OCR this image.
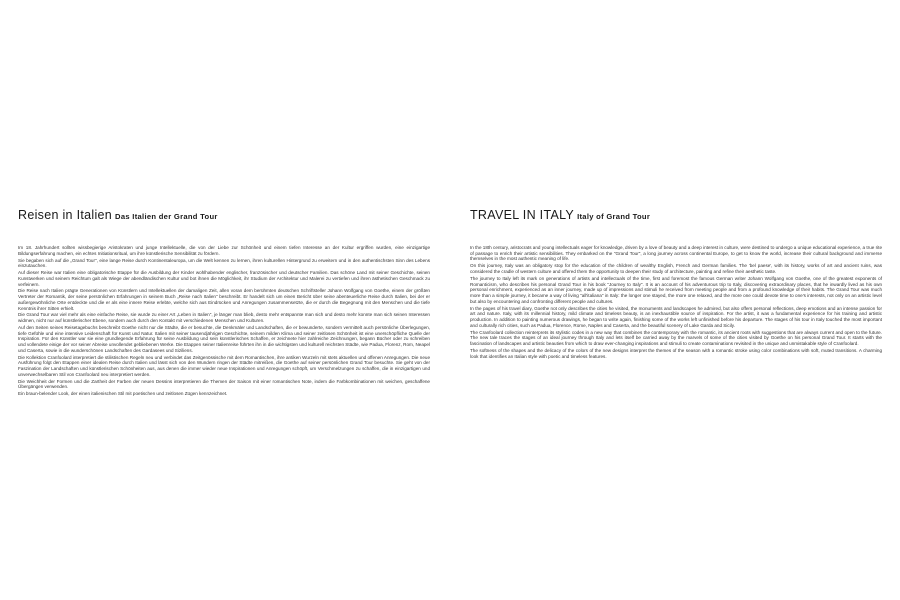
Reisen in Italien Das Italien der Grand Tour

Im 18. Jahrhundert sollten wissbegierige Aristokraten und junge Intellektuelle, die von der Liebe zur Schönheit und einem tiefen Interesse an der Kultur ergriffen wurden, eine einzigartige Bildungserfahrung machen, ein echtes Initiationsritual, um ihre künstlerische Sensibilität zu fördern.

Sie begaben sich auf die „Grand Tour", eine lange Reise durch Kontinentaleuropa, um die Welt kennen zu lernen, ihren kulturellen Hintergrund zu erweitern und in den authentischsten Sinn des Lebens einzutauchen.

Auf dieser Reise war Italien eine obligatorische Etappe für die Ausbildung der Kinder wohlhabender englischer, französischer und deutscher Familien. Das schöne Land mit seiner Geschichte, seinen Kunstwerken und seinem Reichtum galt als Wiege der abendländischen Kultur und bot ihnen die Möglichkeit, ihr Studium der Architektur und Malerei zu vertiefen und ihren ästhetischen Geschmack zu verfeinern.

Die Reise nach Italien prägte Generationen von Künstlern und Intellektuellen der damaligen Zeit, allen voran dem berühmten deutschen Schriftsteller Johann Wolfgang von Goethe, einem der größten Vertreter der Romantik, der seine persönlichen Erfahrungen in seinem Buch „Reise nach Italien" beschreibt. Er handelt sich um einen Bericht über seine abenteuerliche Reise durch Italien, bei der er außergewöhnliche Orte entdeckte und die er als eine innere Reise erlebte, welche sich aus Eindrücken und Anregungen zusammensetzte, die er durch die Begegnung mit den Menschen und die tiefe Kenntnis ihrer Sitten erhielt.

Die Grand Tour war viel mehr als eine einfache Reise, sie wurde zu einer Art „Leben in Italien", je länger man blieb, desto mehr entspannte man sich und desto mehr konnte man sich seinen Interessen widmen, nicht nur auf künstlerischer Ebene, sondern auch durch den Kontakt mit verschiedenen Menschen und Kulturen.

Auf den Seiten seines Reisetagebuchs beschreibt Goethe nicht nur die Städte, die er besuchte, die Denkmäler und Landschaften, die er bewunderte, sondern vermittelt auch persönliche Überlegungen, tiefe Gefühle und eine intensive Leidenschaft für Kunst und Natur. Italien mit seiner tausendjährigen Geschichte, seinem milden Klima und seiner zeitlosen Schönheit ist eine unerschöpfliche Quelle der Inspiration. Für den Künstler war sie eine grundlegende Erfahrung für seine Ausbildung und sein künstlerisches Schaffen, er zeichnete hier zahlreiche Zeichnungen, begann Bücher oder zu schreiben und vollendete einige der vor seiner Abreise unvollendet gebliebenen Werke. Die Etappen seiner Italienreise führten ihn in die wichtigsten und kulturell reichsten Städte, wie Padua, Florenz, Rom, Neapel und Caserta, sowie in die wunderschönen Landschaften des Gardasees und Siziliens.

Die Kollektion Cranfoolard interpretiert die stilistischen Regeln neu und verbindet das Zeitgenössische mit dem Romantischen, ihre antiken Wurzeln mit stets aktuellen und offenen Anregungen. Die neue Ausführung folgt den Etappen einer idealen Reise durch Italien und lässt sich von den Wundern ringen der Städte mitreißen, die Goethe auf seiner persönlichen Grand Tour besuchte. Sie geht von der Faszination der Landschaften und künstlerischen Schönheiten aus, aus denen die immer wieder neue Inspirationen und Anregungen schöpft, um Verschmelzungen zu schaffen, die in einzigartigen und unverwechselbaren Stil von Cranfoolard neu interpretiert werden.

Die Weichheit der Formen und die Zartheit der Farben der neuen Dessins interpretieren die Themen der Saison mit einer romantischen Note, indem die Farbkombinationen mit weichen, geschaffene Übergängen verwenden.

Ein braun-belender Look, der einen italienischen Stil mit poetischen und zeitlosen Zügen kennzeichnet.

TRAVEL IN ITALY Italy of Grand Tour

In the 18th century, aristocrats and young intellectuals eager for knowledge, driven by a love of beauty and a deep interest in culture, were destined to undergo a unique educational experience, a true rite of passage to enrich their artistic sensibilities. They embarked on the "Grand Tour", a long journey across continental Europe, to get to know the world, increase their cultural background and immerse themselves in the most authentic meaning of life.

On this journey, Italy was an obligatory stop for the education of the children of wealthy English, French and German families. The 'bel paese', with its history, works of art and ancient ruins, was considered the cradle of western culture and offered them the opportunity to deepen their study of architecture, painting and refine their aesthetic taste.

The journey to Italy left its mark on generations of artists and intellectuals of the time, first and foremost the famous German writer Johann Wolfgang von Goethe, one of the greatest exponents of Romanticism, who describes his personal Grand Tour in his book "Journey to Italy". It is an account of his adventurous trip to Italy, discovering extraordinary places, that he inwardly lived as his own personal enrichment, experienced as an inner journey, made up of impressions and stimuli he received from meeting people and from a profound knowledge of their habits. The Grand Tour was much more than a simple journey, it became a way of living "all'italiana" in Italy: the longer one stayed, the more one relaxed, and the more one could devote time to one's interests, not only on an artistic level but also by encountering and confronting different people and cultures.

In the pages of his travel diary, Goethe not only describes the cities he visited, the monuments and landscapes he admired, but also offers personal reflections, deep emotions and an intense passion for art and nature. Italy, with its millennial history, mild climate and timeless beauty, is an inexhaustible source of inspiration. For the artist, it was a fundamental experience for his training and artistic production. In addition to painting numerous drawings, he began to write again, finishing some of the works left unfinished before his departure. The stages of his tour in Italy touched the most important and culturally rich cities, such as Padua, Florence, Rome, Naples and Caserta, and the beautiful scenery of Lake Garda and Sicily.

The Cranfoolard collection reinterprets its stylistic codes in a new way that combines the contemporary with the romantic, its ancient roots with suggestions that are always current and open to the future. The new tale traces the stages of an ideal journey through Italy and lets itself be carried away by the marvels of some of the cities visited by Goethe on his personal Grand Tour. It starts with the fascination of landscapes and artistic beauties from which to draw ever-changing inspirations and stimuli to create contaminations revisited in the unique and unmistakable style of Cranfoolard.

The softness of the shapes and the delicacy of the colors of the new designs interpret the themes of the season with a romantic stroke using color combinations with soft, muted transitions. A charming look that identifies an Italian style with poetic and timeless features.
